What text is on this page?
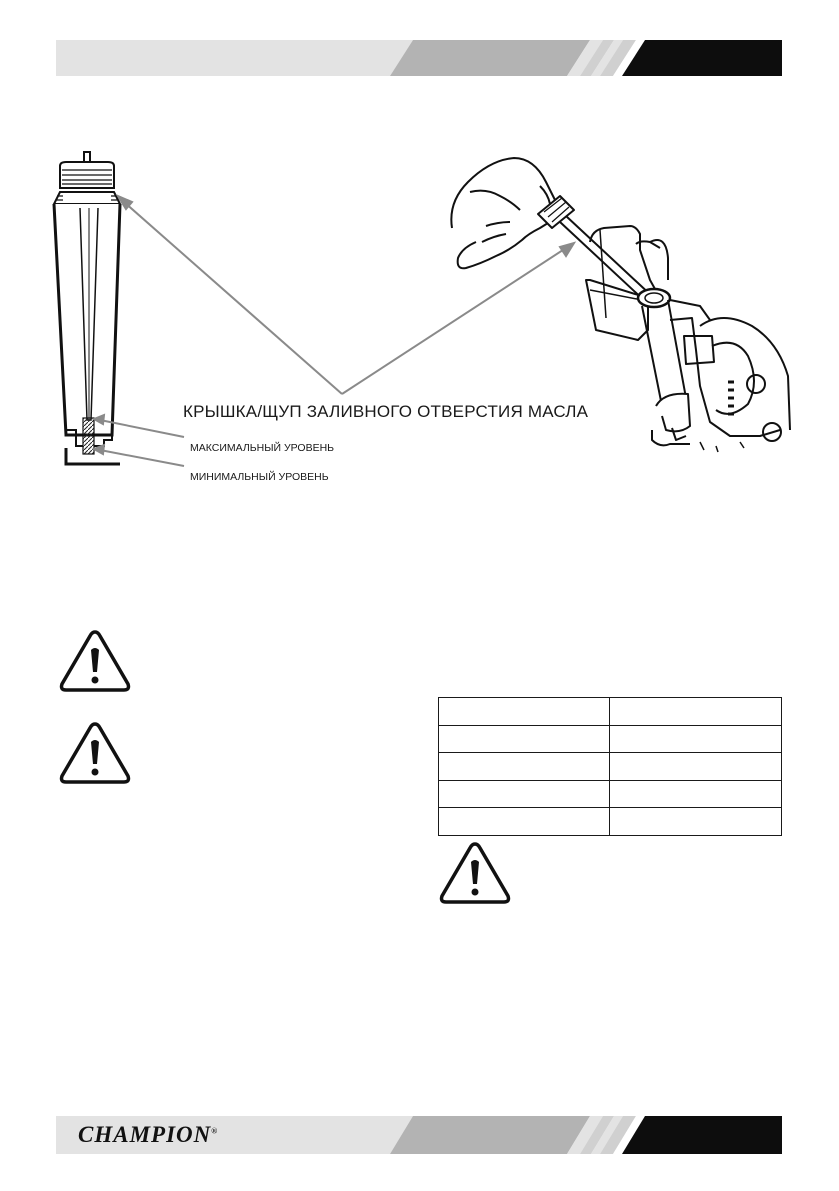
КРЫШКА/ЩУП ЗАЛИВНОГО ОТВЕРСТИЯ МАСЛА
МАКСИМАЛЬНЫЙ УРОВЕНЬ
МИНИМАЛЬНЫЙ УРОВЕНЬ

CHAMPION®
